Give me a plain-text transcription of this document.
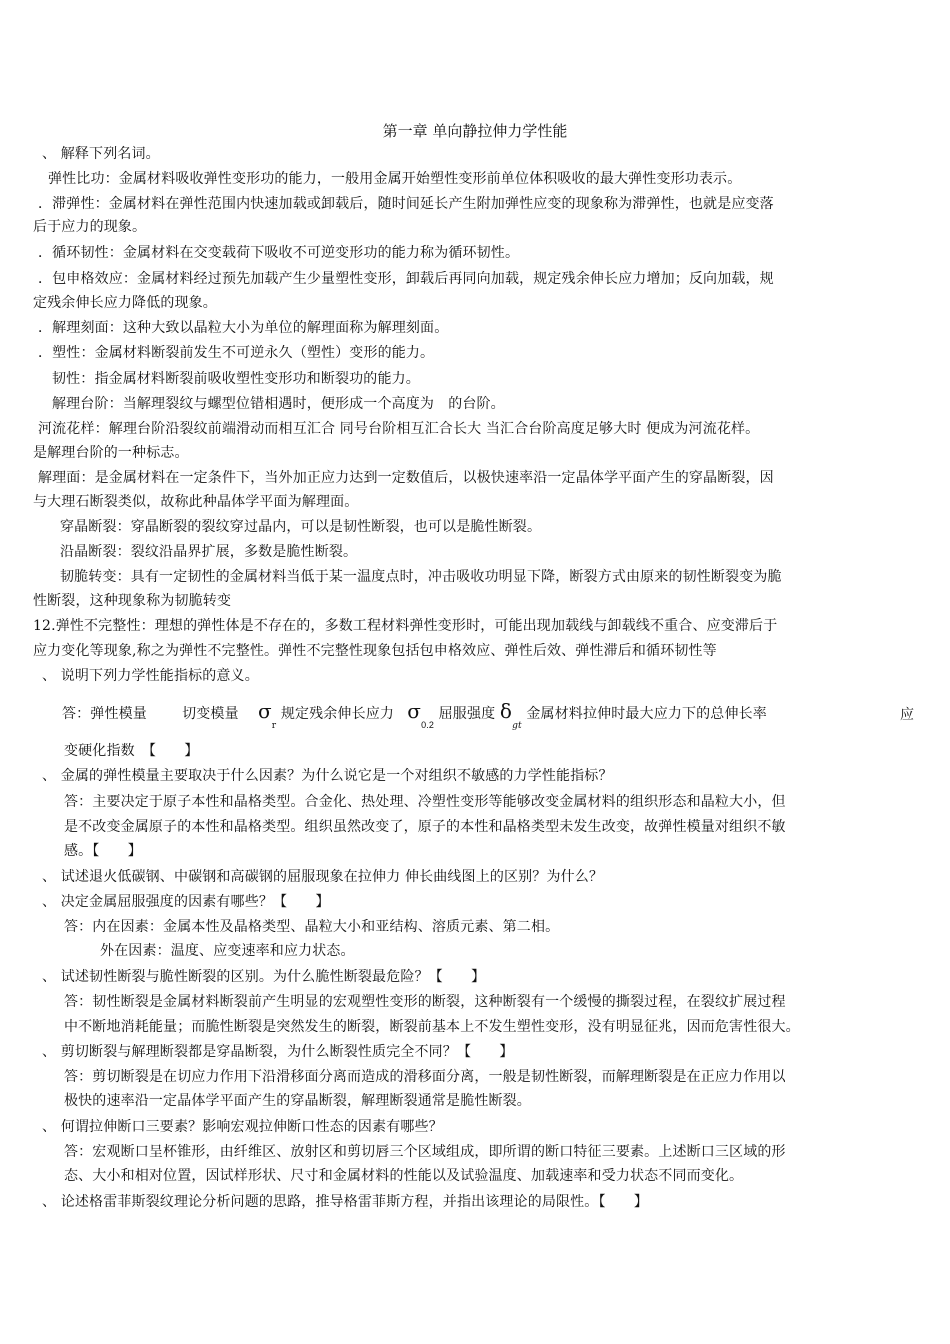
第一章 单向静拉伸力学性能
、 解释下列名词。
弹性比功：金属材料吸收弹性变形功的能力，一般用金属开始塑性变形前单位体积吸收的最大弹性变形功表示。
．滞弹性：金属材料在弹性范围内快速加载或卸载后，随时间延长产生附加弹性应变的现象称为滞弹性，也就是应变落
后于应力的现象。
．循环韧性：金属材料在交变载荷下吸收不可逆变形功的能力称为循环韧性。
．包申格效应：金属材料经过预先加载产生少量塑性变形，卸载后再同向加载，规定残余伸长应力增加；反向加载，规
定残余伸长应力降低的现象。
．解理刻面：这种大致以晶粒大小为单位的解理面称为解理刻面。
．塑性：金属材料断裂前发生不可逆永久（塑性）变形的能力。
韧性：指金属材料断裂前吸收塑性变形功和断裂功的能力。
解理台阶：当解理裂纹与螺型位错相遇时，便形成一个高度为　的台阶。
河流花样：解理台阶沿裂纹前端滑动而相互汇合 同号台阶相互汇合长大 当汇合台阶高度足够大时 便成为河流花样。
是解理台阶的一种标志。
解理面：是金属材料在一定条件下，当外加正应力达到一定数值后，以极快速率沿一定晶体学平面产生的穿晶断裂，因
与大理石断裂类似，故称此种晶体学平面为解理面。
穿晶断裂：穿晶断裂的裂纹穿过晶内，可以是韧性断裂，也可以是脆性断裂。
沿晶断裂：裂纹沿晶界扩展，多数是脆性断裂。
韧脆转变：具有一定韧性的金属材料当低于某一温度点时，冲击吸收功明显下降，断裂方式由原来的韧性断裂变为脆
性断裂，这种现象称为韧脆转变
12.弹性不完整性：理想的弹性体是不存在的，多数工程材料弹性变形时，可能出现加载线与卸载线不重合、应变滞后于
应力变化等现象,称之为弹性不完整性。弹性不完整性现象包括包申格效应、弹性后效、弹性滞后和循环韧性等
、 说明下列力学性能指标的意义。
答：弹性模量	切变模量 $\sigma_r$ 规定残余伸长应力 $\sigma_{0.2}$ 屈服强度 $\delta_{gt}$ 金属材料拉伸时最大应力下的总伸长率	应
变硬化指数　【　　】
、 金属的弹性模量主要取决于什么因素？为什么说它是一个对组织不敏感的力学性能指标？
答：主要决定于原子本性和晶格类型。合金化、热处理、冷塑性变形等能够改变金属材料的组织形态和晶粒大小，但
是不改变金属原子的本性和晶格类型。组织虽然改变了，原子的本性和晶格类型未发生改变，故弹性模量对组织不敏
感。【　　】
、 试述退火低碳钢、中碳钢和高碳钢的屈服现象在拉伸力 伸长曲线图上的区别？为什么？
、 决定金属屈服强度的因素有哪些？【　　】
答：内在因素：金属本性及晶格类型、晶粒大小和亚结构、溶质元素、第二相。
外在因素：温度、应变速率和应力状态。
、 试述韧性断裂与脆性断裂的区别。为什么脆性断裂最危险？【　　】
答：韧性断裂是金属材料断裂前产生明显的宏观塑性变形的断裂，这种断裂有一个缓慢的撕裂过程，在裂纹扩展过程
中不断地消耗能量；而脆性断裂是突然发生的断裂，断裂前基本上不发生塑性变形，没有明显征兆，因而危害性很大。
、 剪切断裂与解理断裂都是穿晶断裂，为什么断裂性质完全不同？【　　】
答：剪切断裂是在切应力作用下沿滑移面分离而造成的滑移面分离，一般是韧性断裂，而解理断裂是在正应力作用以
极快的速率沿一定晶体学平面产生的穿晶断裂，解理断裂通常是脆性断裂。
、 何谓拉伸断口三要素？影响宏观拉伸断口性态的因素有哪些？
答：宏观断口呈杯锥形，由纤维区、放射区和剪切唇三个区域组成，即所谓的断口特征三要素。上述断口三区域的形
态、大小和相对位置，因试样形状、尺寸和金属材料的性能以及试验温度、加载速率和受力状态不同而变化。
、 论述格雷菲斯裂纹理论分析问题的思路，推导格雷菲斯方程，并指出该理论的局限性。【　　】
